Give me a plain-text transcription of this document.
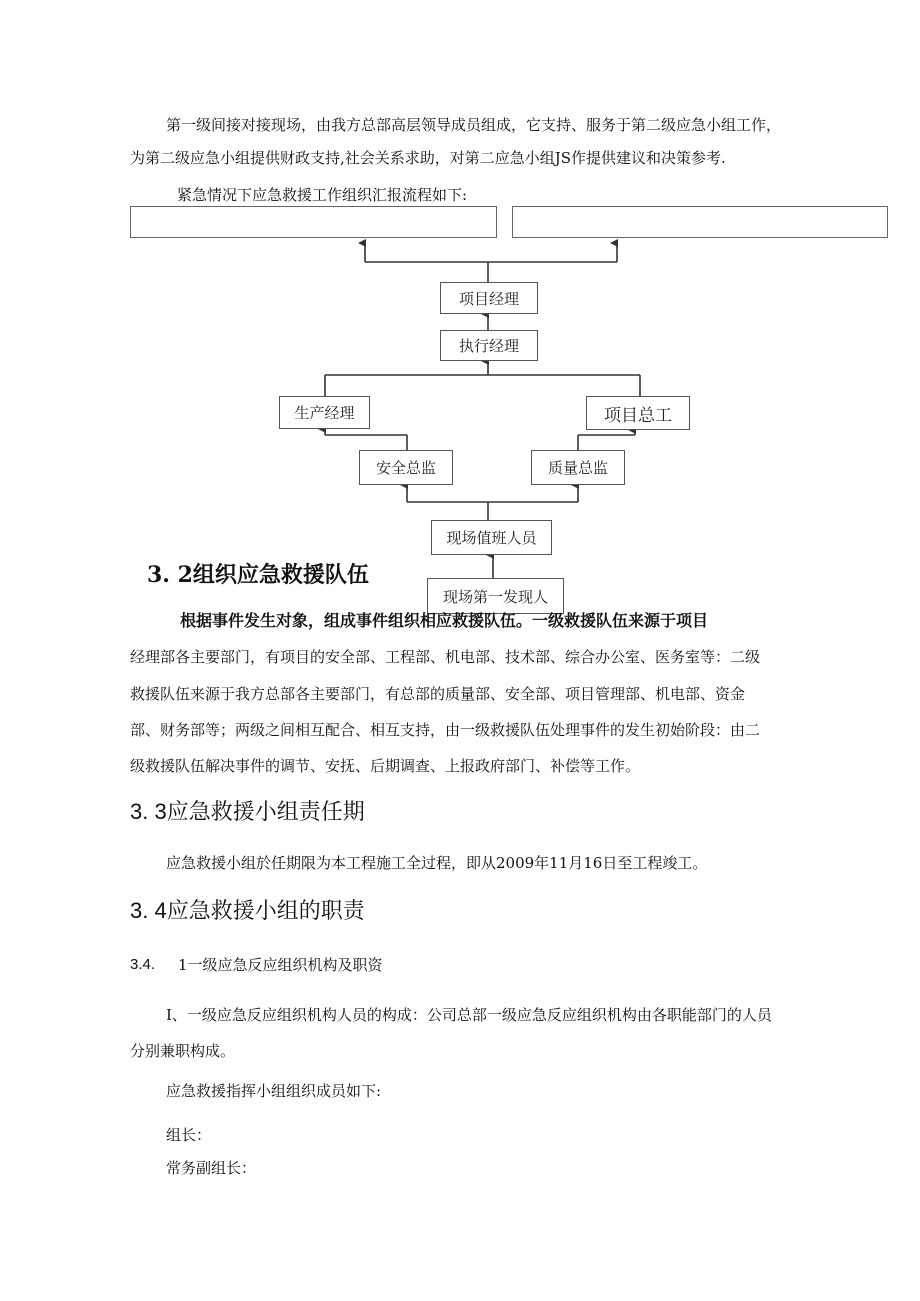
第一级间接对接现场，由我方总部高层领导成员组成，它支持、服务于第二级应急小组工作，
为第二级应急小组提供财政支持,社会关系求助，对第二应急小组JS作提供建议和决策参考.
紧急情况下应急救援工作组织汇报流程如下:
项目经理
执行经理
生产经理	项目总工
安全总监	质量总监
现场值班人员
现场第一发现人
3. 2组织应急救援队伍
根据事件发生对象，组成事件组织相应救援队伍。一级救援队伍来源于项目
经理部各主要部门，有项目的安全部、工程部、机电部、技术部、综合办公室、医务室等：二级
救援队伍来源于我方总部各主要部门，有总部的质量部、安全部、项目管理部、机电部、资金
部、财务部等；两级之间相互配合、相互支持，由一级救援队伍处理事件的发生初始阶段：由二
级救援队伍解决事件的调节、安抚、后期调查、上报政府部门、补偿等工作。
3. 3应急救援小组责任期
应急救援小组於任期限为本工程施工全过程，即从2009年11月16日至工程竣工。
3. 4应急救援小组的职责
3.4. 1一级应急反应组织机构及职资
I、一级应急反应组织机构人员的构成：公司总部一级应急反应组织机构由各职能部门的人员
分别兼职构成。
应急救援指挥小组组织成员如下:
组长：
常务副组长：
